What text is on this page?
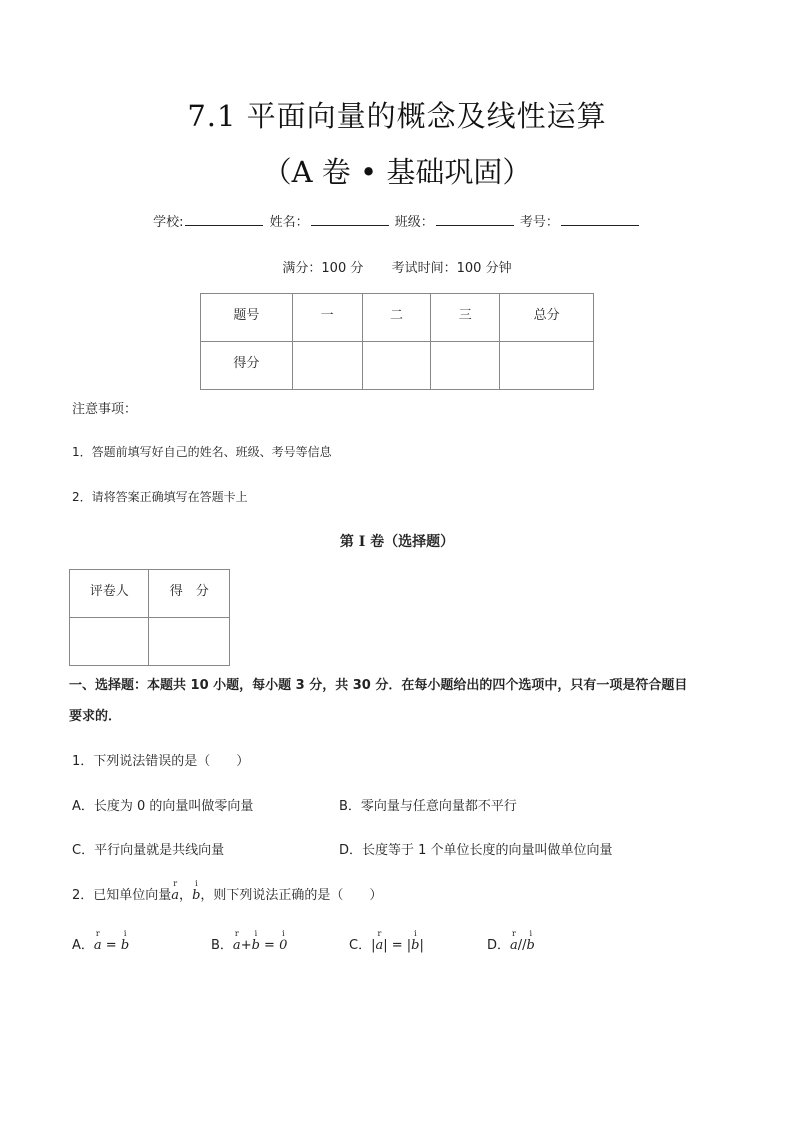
7.1 平面向量的概念及线性运算
（A 卷 • 基础巩固）
学校:	姓名：	班级：	考号：
满分：100 分 考试时间：100 分钟
题号	一	二	三	总分
得分				
注意事项：
1．答题前填写好自己的姓名、班级、考号等信息
2．请将答案正确填写在答题卡上
第 I 卷（选择题）
评卷人	得　分

一、选择题：本题共 10 小题，每小题 3 分，共 30 分．在每小题给出的四个选项中，只有一项是符合题目
要求的．
1．下列说法错误的是（　　）
A．长度为 0 的向量叫做零向量	B．零向量与任意向量都不平行
C．平行向量就是共线向量	D．长度等于 1 个单位长度的向量叫做单位向量
2．已知单位向量r a，i b，则下列说法正确的是（　　）
A．r a = i b	B．r a+i b = i 0	C．|r a| = |i b|	D．r a//i b
